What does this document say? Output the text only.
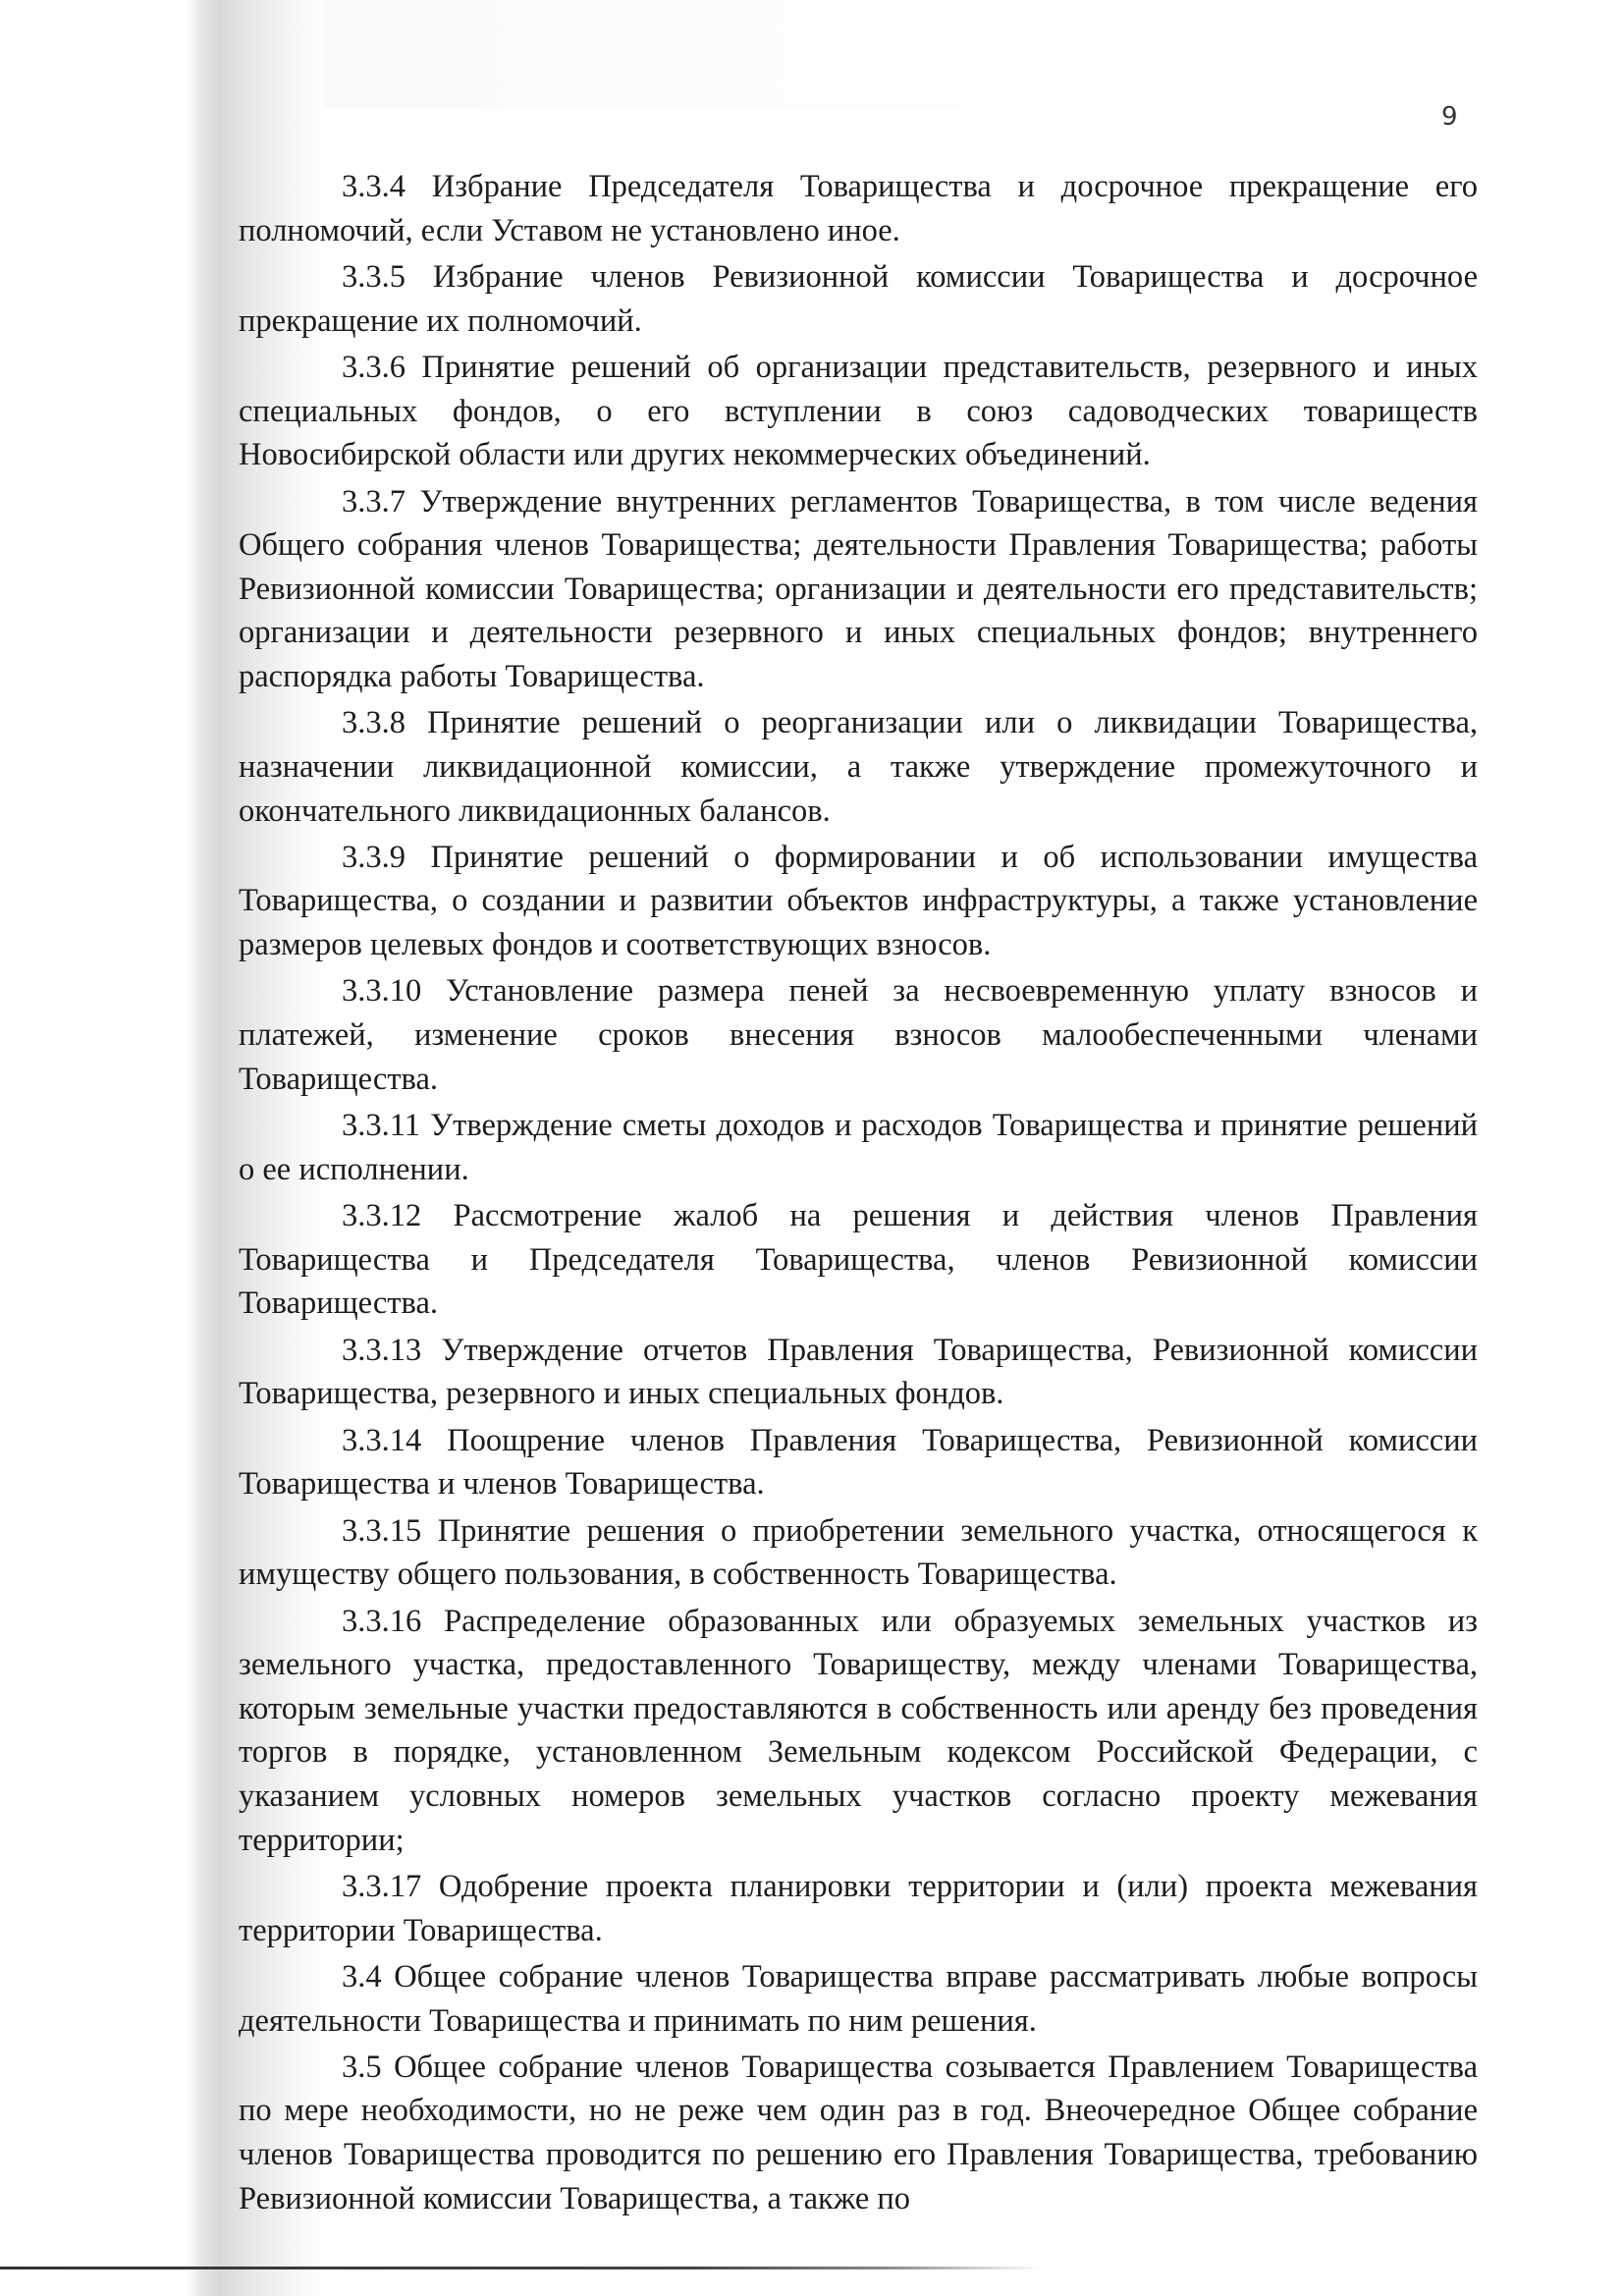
9

3.3.4 Избрание Председателя Товарищества и досрочное прекращение его полномочий, если Уставом не установлено иное.

3.3.5 Избрание членов Ревизионной комиссии Товарищества и досрочное прекращение их полномочий.

3.3.6 Принятие решений об организации представительств, резервного и иных специальных фондов, о его вступлении в союз садоводческих товариществ Новосибирской области или других некоммерческих объединений.

3.3.7 Утверждение внутренних регламентов Товарищества, в том числе ведения Общего собрания членов Товарищества; деятельности Правления Товарищества; работы Ревизионной комиссии Товарищества; организации и деятельности его представительств; организации и деятельности резервного и иных специальных фондов; внутреннего распорядка работы Товарищества.

3.3.8 Принятие решений о реорганизации или о ликвидации Товарищества, назначении ликвидационной комиссии, а также утверждение промежуточного и окончательного ликвидационных балансов.

3.3.9 Принятие решений о формировании и об использовании имущества Товарищества, о создании и развитии объектов инфраструктуры, а также установление размеров целевых фондов и соответствующих взносов.

3.3.10 Установление размера пеней за несвоевременную уплату взносов и платежей, изменение сроков внесения взносов малообеспеченными членами Товарищества.

3.3.11 Утверждение сметы доходов и расходов Товарищества и принятие решений о ее исполнении.

3.3.12 Рассмотрение жалоб на решения и действия членов Правления Товарищества и Председателя Товарищества, членов Ревизионной комиссии Товарищества.

3.3.13 Утверждение отчетов Правления Товарищества, Ревизионной комиссии Товарищества, резервного и иных специальных фондов.

3.3.14 Поощрение членов Правления Товарищества, Ревизионной комиссии Товарищества и членов Товарищества.

3.3.15 Принятие решения о приобретении земельного участка, относящегося к имуществу общего пользования, в собственность Товарищества.

3.3.16 Распределение образованных или образуемых земельных участков из земельного участка, предоставленного Товариществу, между членами Товарищества, которым земельные участки предоставляются в собственность или аренду без проведения торгов в порядке, установленном Земельным кодексом Российской Федерации, с указанием условных номеров земельных участков согласно проекту межевания территории;

3.3.17 Одобрение проекта планировки территории и (или) проекта межевания территории Товарищества.

3.4 Общее собрание членов Товарищества вправе рассматривать любые вопросы деятельности Товарищества и принимать по ним решения.

3.5 Общее собрание членов Товарищества созывается Правлением Товарищества по мере необходимости, но не реже чем один раз в год. Внеочередное Общее собрание членов Товарищества проводится по решению его Правления Товарищества, требованию Ревизионной комиссии Товарищества, а также по
